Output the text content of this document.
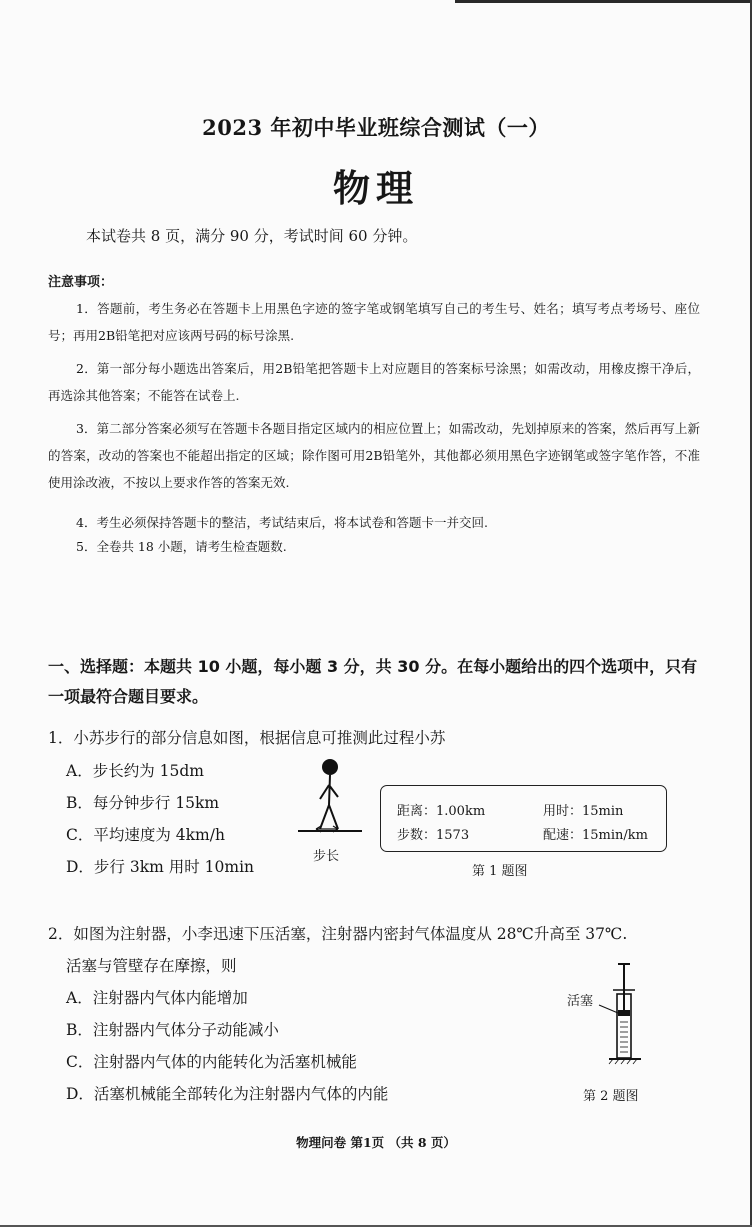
2023 年初中毕业班综合测试（一）
物理
本试卷共 8 页，满分 90 分，考试时间 60 分钟。
注意事项：
1．答题前，考生务必在答题卡上用黑色字迹的签字笔或钢笔填写自己的考生号、姓名；填写考点考场号、座位号；再用2B铅笔把对应该两号码的标号涂黑.
2．第一部分每小题选出答案后，用2B铅笔把答题卡上对应题目的答案标号涂黑；如需改动，用橡皮擦干净后，再选涂其他答案；不能答在试卷上.
3．第二部分答案必须写在答题卡各题目指定区域内的相应位置上；如需改动，先划掉原来的答案，然后再写上新的答案，改动的答案也不能超出指定的区域；除作图可用2B铅笔外，其他都必须用黑色字迹钢笔或签字笔作答，不准使用涂改液，不按以上要求作答的答案无效.
4．考生必须保持答题卡的整洁，考试结束后，将本试卷和答题卡一并交回.
5．全卷共 18 小题，请考生检查题数.
一、选择题：本题共 10 小题，每小题 3 分，共 30 分。在每小题给出的四个选项中，只有一项最符合题目要求。
1．小苏步行的部分信息如图，根据信息可推测此过程小苏
A．步长约为 15dm
B．每分钟步行 15km
C．平均速度为 4km/h
D．步行 3km 用时 10min
步长
距离：1.00km	用时：15min
步数：1573	配速：15min/km
第 1 题图
2．如图为注射器，小李迅速下压活塞，注射器内密封气体温度从 28℃升高至 37℃.
活塞与管壁存在摩擦，则
A．注射器内气体内能增加
B．注射器内气体分子动能减小
C．注射器内气体的内能转化为活塞机械能
D．活塞机械能全部转化为注射器内气体的内能
活塞
第 2 题图
物理问卷 第1页 （共 8 页）
